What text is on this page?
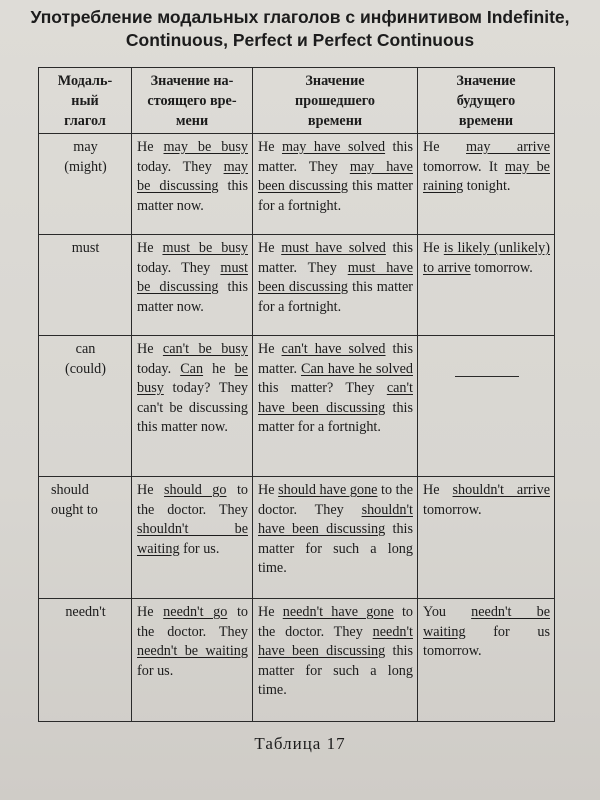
Употребление модальных глаголов с инфинитивом Indefinite,
Continuous, Perfect и Perfect Continuous
Модаль-
ный
глагол	Значение на-
стоящего вре-
мени	Значение
прошедшего
времени	Значение
будущего
времени

may
(might)	He may be busy today. They may be discussing this matter now.	He may have solved this matter. They may have been discussing this matter for a fortnight.	He may arrive tomorrow. It may be raining tonight.

must	He must be busy today. They must be discussing this matter now.	He must have solved this matter. They must have been discussing this matter for a fortnight.	He is likely (unlikely) to arrive tomorrow.

can
(could)	He can't be busy today. Can he be busy today? They can't be discussing this matter now.	He can't have solved this matter. Can have he solved this matter? They can't have been discussing this matter for a fortnight.	

should
ought to	He should go to the doctor. They shouldn't be waiting for us.	He should have gone to the doctor. They shouldn't have been discussing this matter for such a long time.	He shouldn't arrive tomorrow.

needn't	He needn't go to the doctor. They needn't be waiting for us.	He needn't have gone to the doctor. They needn't have been discussing this matter for such a long time.	You needn't be waiting for us tomorrow.
Таблица 17
